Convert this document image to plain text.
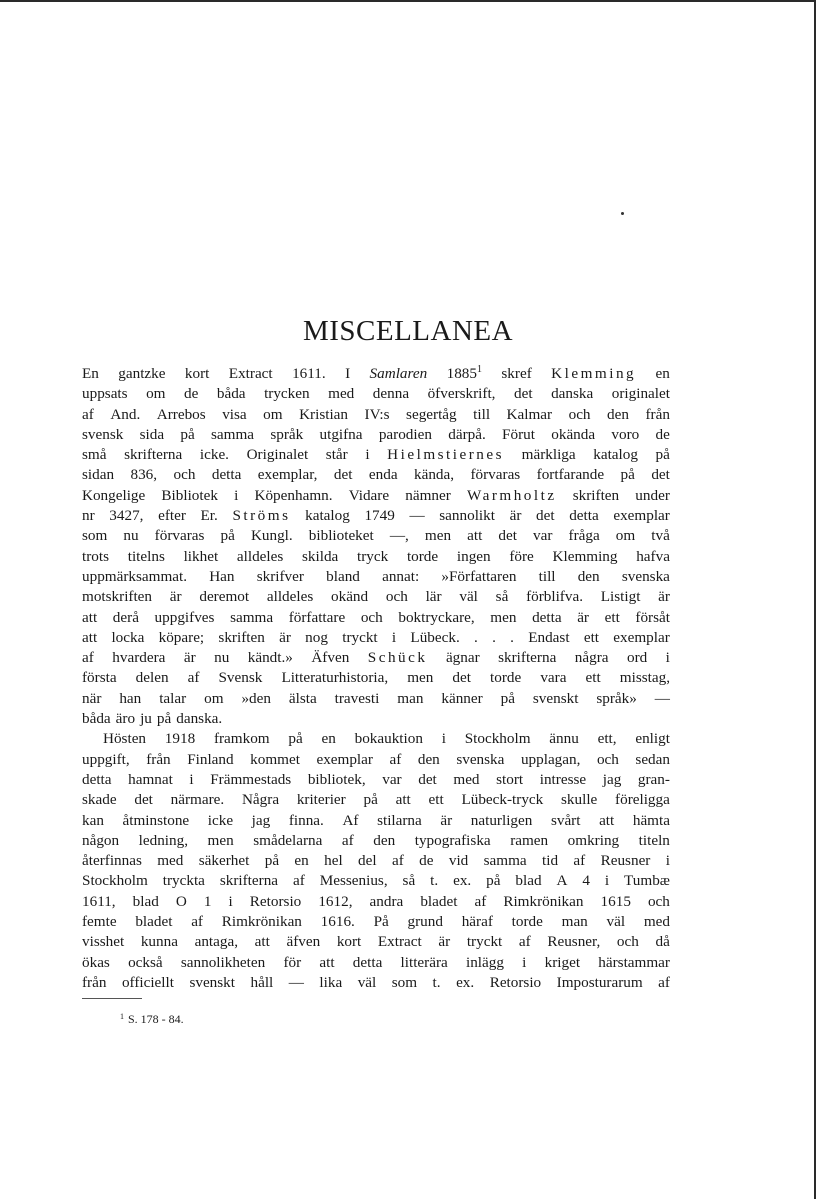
MISCELLANEA
En gantzke kort Extract 1611. I Samlaren 1885$^1$ skref Klemming en
uppsats om de båda trycken med denna öfverskrift, det danska originalet
af And. Arrebos visa om Kristian IV:s segertåg till Kalmar och den från
svensk sida på samma språk utgifna parodien därpå. Förut okända voro de
små skrifterna icke. Originalet står i Hielmstiernes märkliga katalog på
sidan 836, och detta exemplar, det enda kända, förvaras fortfarande på det
Kongelige Bibliotek i Köpenhamn. Vidare nämner Warmholtz skriften under
nr 3427, efter Er. Ströms katalog 1749 — sannolikt är det detta exemplar
som nu förvaras på Kungl. biblioteket —, men att det var fråga om två
trots titelns likhet alldeles skilda tryck torde ingen före Klemming hafva
uppmärksammat. Han skrifver bland annat: »Författaren till den svenska
motskriften är deremot alldeles okänd och lär väl så förblifva. Listigt är
att derå uppgifves samma författare och boktryckare, men detta är ett försåt
att locka köpare; skriften är nog tryckt i Lübeck. . . . Endast ett exemplar
af hvardera är nu kändt.» Äfven Schück ägnar skrifterna några ord i
första delen af Svensk Litteraturhistoria, men det torde vara ett misstag,
när han talar om »den älsta travesti man känner på svenskt språk» —
båda äro ju på danska.
Hösten 1918 framkom på en bokauktion i Stockholm ännu ett, enligt
uppgift, från Finland kommet exemplar af den svenska upplagan, och sedan
detta hamnat i Främmestads bibliotek, var det med stort intresse jag gran-
skade det närmare. Några kriterier på att ett Lübeck-tryck skulle föreligga
kan åtminstone icke jag finna. Af stilarna är naturligen svårt att hämta
någon ledning, men smådelarna af den typografiska ramen omkring titeln
återfinnas med säkerhet på en hel del af de vid samma tid af Reusner i
Stockholm tryckta skrifterna af Messenius, så t. ex. på blad A 4 i Tumbæ
1611, blad O 1 i Retorsio 1612, andra bladet af Rimkrönikan 1615 och
femte bladet af Rimkrönikan 1616. På grund häraf torde man väl med
visshet kunna antaga, att äfven kort Extract är tryckt af Reusner, och då
ökas också sannolikheten för att detta litterära inlägg i kriget härstammar
från officiellt svenskt håll — lika väl som t. ex. Retorsio Imposturarum af
$^1$ S. 178 - 84.
